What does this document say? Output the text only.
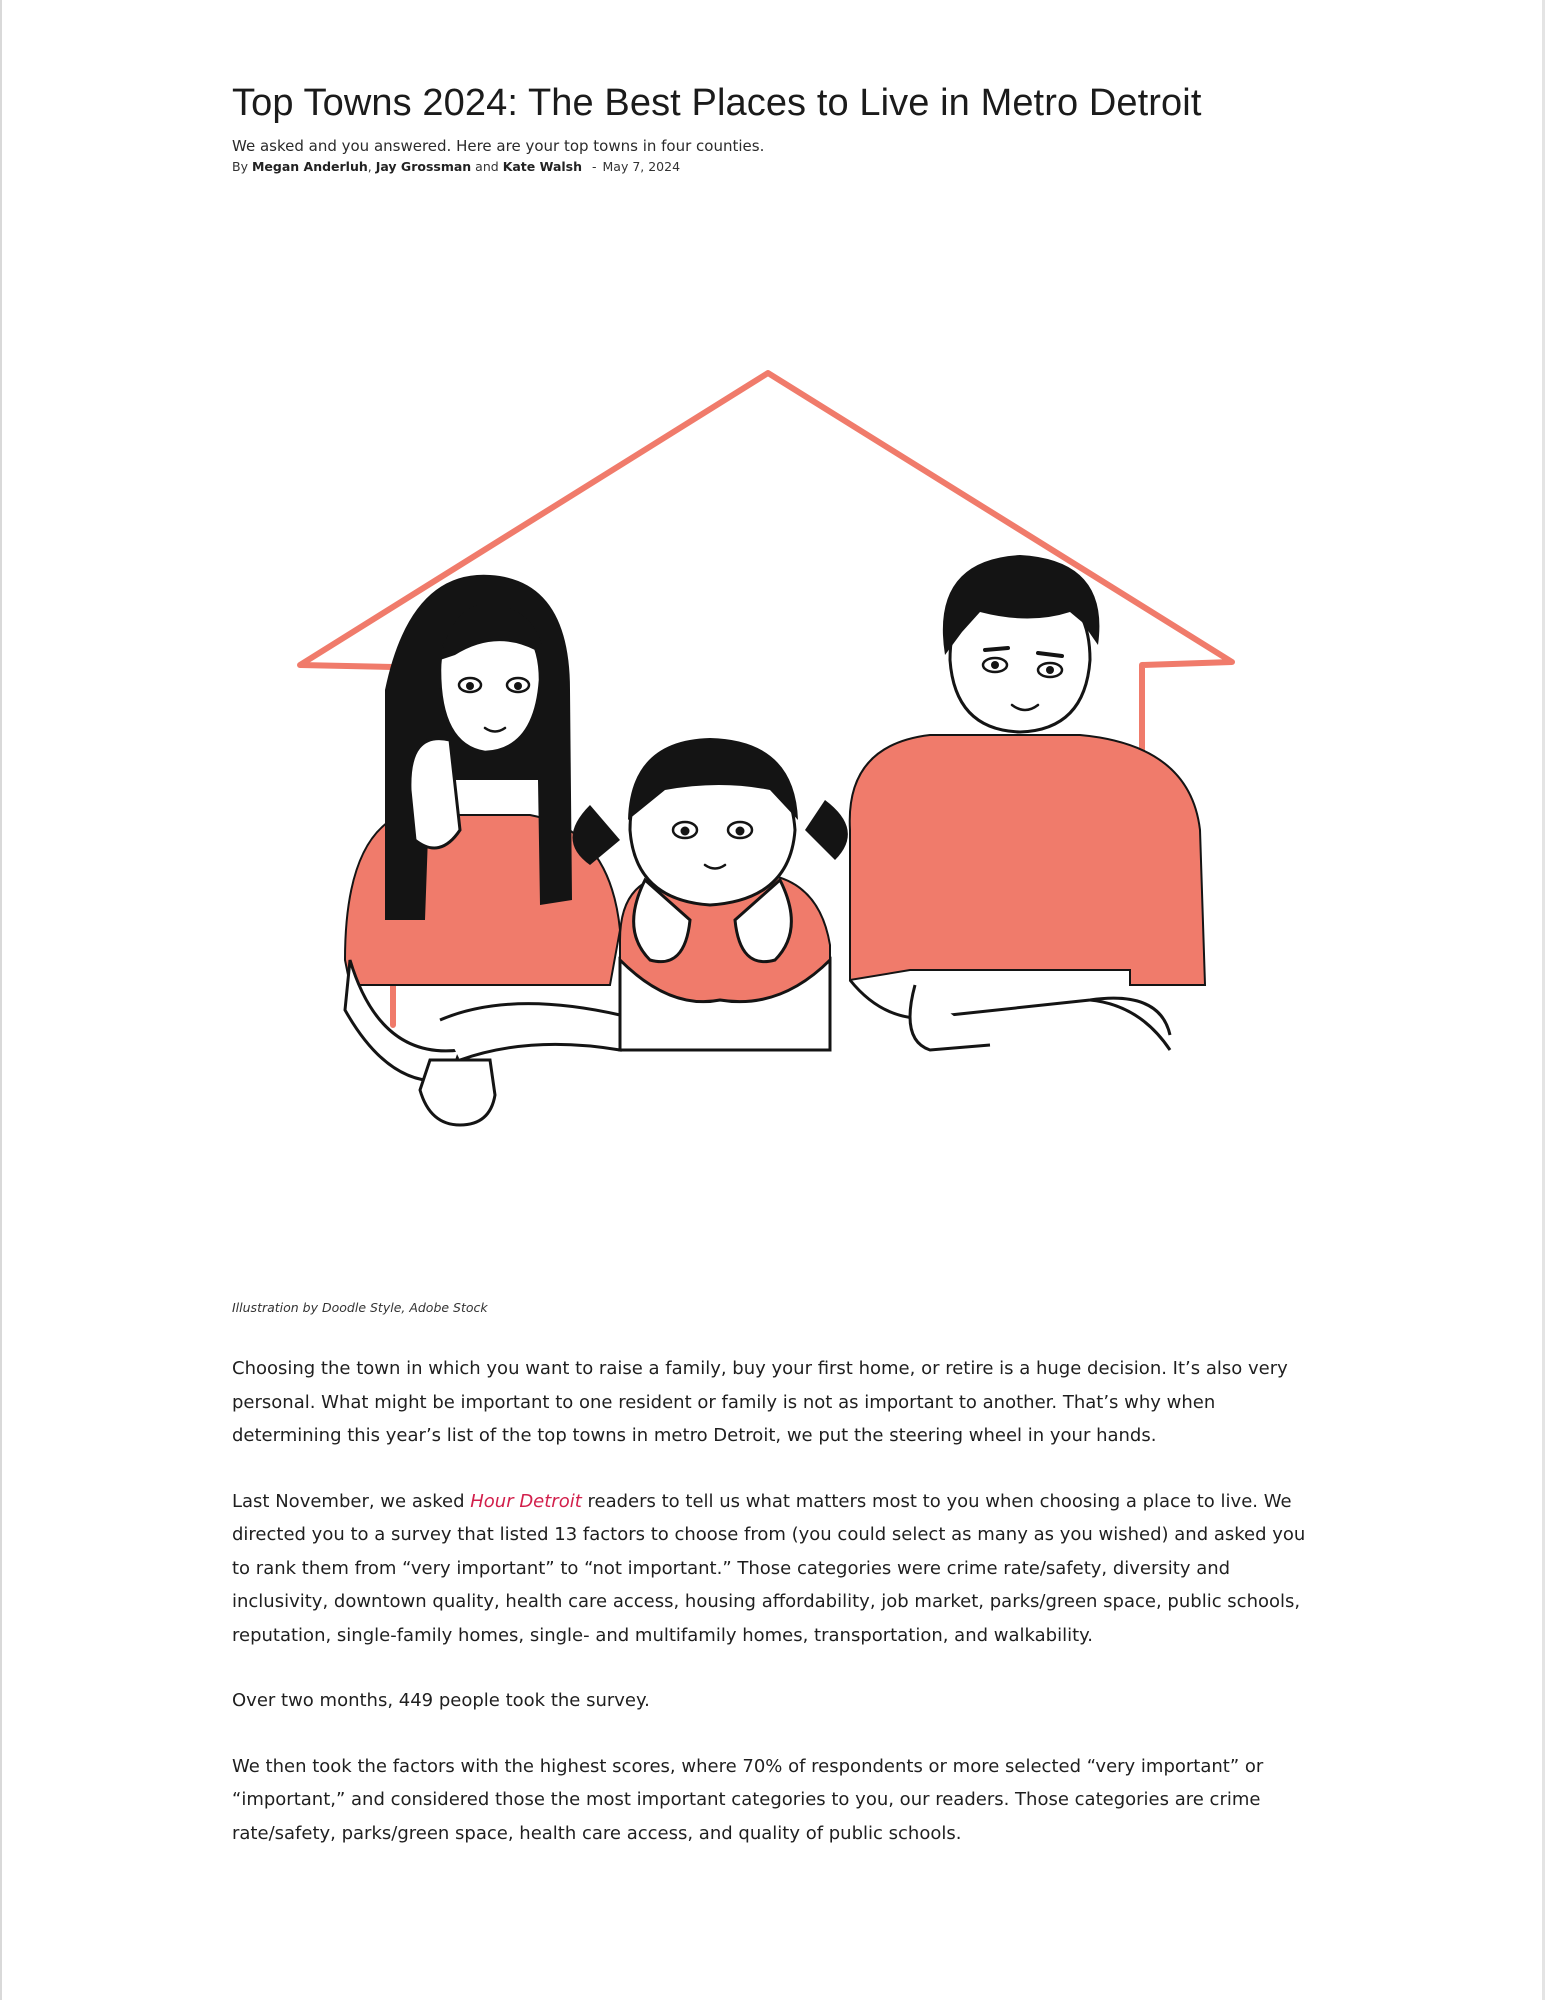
Top Towns 2024: The Best Places to Live in Metro Detroit

We asked and you answered. Here are your top towns in four counties.

By Megan Anderluh, Jay Grossman and Kate Walsh - May 7, 2024

Illustration by Doodle Style, Adobe Stock

Choosing the town in which you want to raise a family, buy your first home, or retire is a huge decision. It’s also very personal. What might be important to one resident or family is not as important to another. That’s why when determining this year’s list of the top towns in metro Detroit, we put the steering wheel in your hands.

Last November, we asked Hour Detroit readers to tell us what matters most to you when choosing a place to live. We directed you to a survey that listed 13 factors to choose from (you could select as many as you wished) and asked you to rank them from “very important” to “not important.” Those categories were crime rate/safety, diversity and inclusivity, downtown quality, health care access, housing affordability, job market, parks/green space, public schools, reputation, single-family homes, single- and multifamily homes, transportation, and walkability.

Over two months, 449 people took the survey.

We then took the factors with the highest scores, where 70% of respondents or more selected “very important” or “important,” and considered those the most important categories to you, our readers. Those categories are crime rate/safety, parks/green space, health care access, and quality of public schools.
